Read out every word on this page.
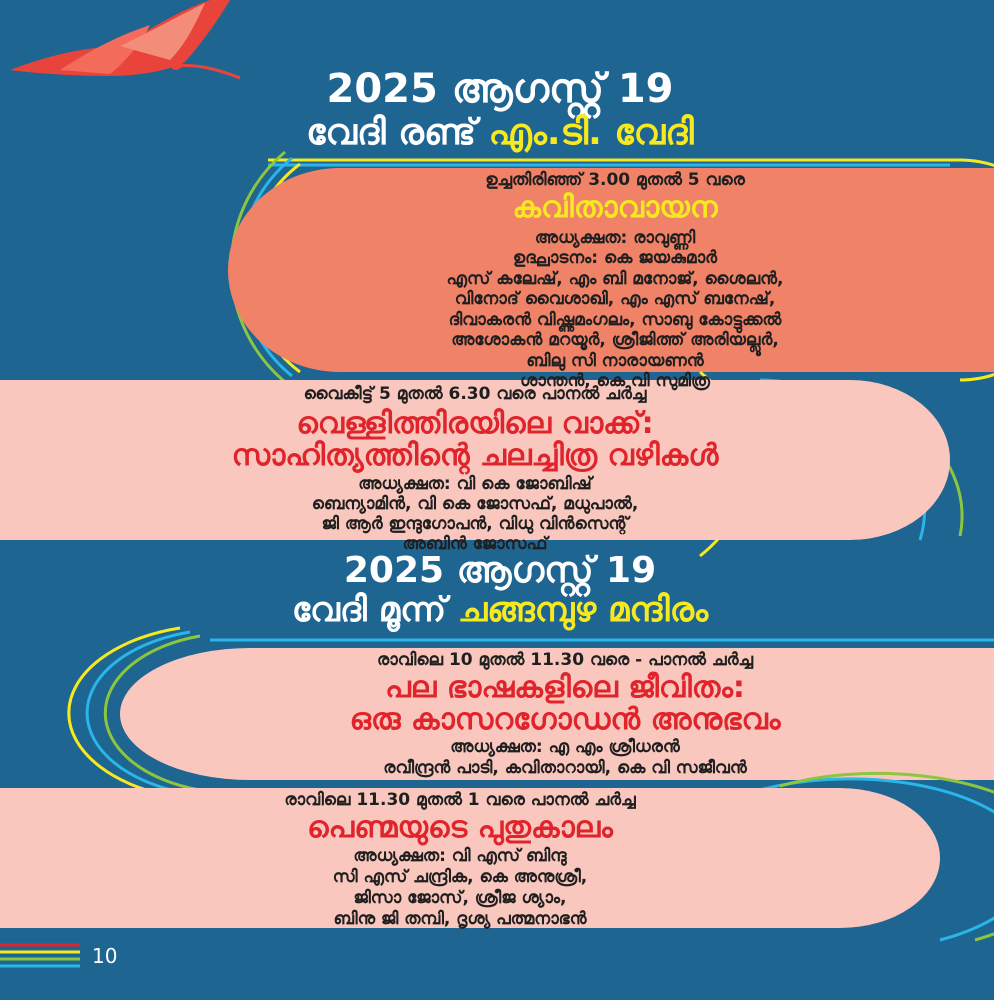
2025 ആഗസ്റ്റ് 19
വേദി രണ്ട് എം.ടി. വേദി
ഉച്ചതിരിഞ്ഞ് 3.00 മുതൽ 5 വരെ
കവിതാവായന
അധ്യക്ഷത: രാവുണ്ണി
ഉദ്ഘാടനം: കെ ജയകുമാർ
എസ് കലേഷ്, എം ബി മനോജ്, ശൈലൻ,
വിനോദ് വൈശാഖി, എം എസ് ബനേഷ്,
ദിവാകരൻ വിഷ്ണുമംഗലം, സാബു കോട്ടുക്കൽ
അശോകൻ മറയൂർ, ശ്രീജിത്ത് അരിയല്ലൂർ,
ബിലു സി നാരായണൻ
ശാന്തൻ, കെ വി സുമിത്ര
വൈകീട്ട് 5 മുതൽ 6.30 വരെ പാനൽ ചർച്ച
വെള്ളിത്തിരയിലെ വാക്ക്:
സാഹിത്യത്തിന്റെ ചലച്ചിത്ര വഴികൾ
അധ്യക്ഷത: വി കെ ജോബിഷ്
ബെന്യാമിൻ, വി കെ ജോസഫ്, മധുപാൽ,
ജി ആർ ഇന്ദുഗോപൻ, വിധു വിൻസെന്റ്
അബിൻ ജോസഫ്
2025 ആഗസ്റ്റ് 19
വേദി മൂന്ന് ചങ്ങമ്പുഴ മന്ദിരം
രാവിലെ 10 മുതൽ 11.30 വരെ - പാനൽ ചർച്ച
പല ഭാഷകളിലെ ജീവിതം:
ഒരു കാസറഗോഡൻ അനുഭവം
അധ്യക്ഷത: എ എം ശ്രീധരൻ
രവീന്ദ്രൻ പാടി, കവിതാറായി, കെ വി സജീവൻ
രാവിലെ 11.30 മുതൽ 1 വരെ പാനൽ ചർച്ച
പെണ്മയുടെ പുതുകാലം
അധ്യക്ഷത: വി എസ് ബിന്ദു
സി എസ് ചന്ദ്രിക, കെ അനുശ്രീ,
ജിസാ ജോസ്, ശ്രീജ ശ്യാം,
ബിനു ജി തമ്പി, ദൃശ്യ പത്മനാഭൻ
10
